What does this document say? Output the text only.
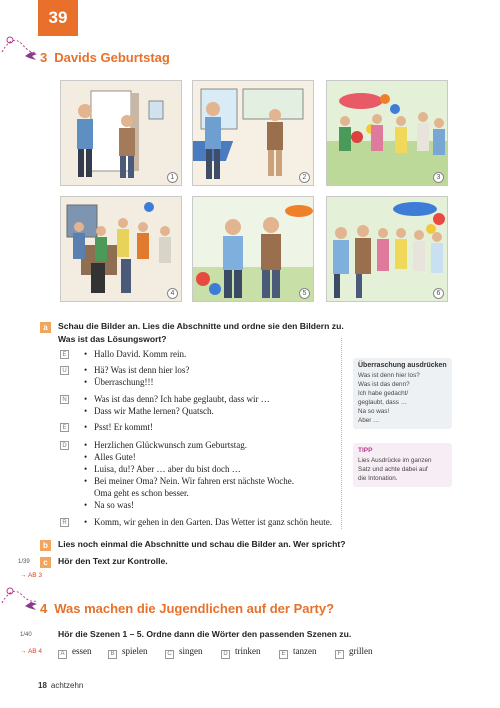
39
3 Davids Geburtstag
1	2	3
4	5	6
a	Schau die Bilder an. Lies die Abschnitte und ordne sie den Bildern zu.
Was ist das Lösungswort?
E • Hallo David. Komm rein.
U • Hä? Was ist denn hier los?
• Überraschung!!!
N • Was ist das denn? Ich habe geglaubt, dass wir …
• Dass wir Mathe lernen? Quatsch.
E • Psst! Er kommt!
D • Herzlichen Glückwunsch zum Geburtstag.
• Alles Gute!
• Luisa, du!? Aber … aber du bist doch …
• Bei meiner Oma? Nein. Wir fahren erst nächste Woche.
Oma geht es schon besser.
• Na so was!
R • Komm, wir gehen in den Garten. Das Wetter ist ganz schön heute.
Überraschung ausdrücken
Was ist denn hier los?
Was ist das denn?
Ich habe gedacht/
geglaubt, dass …
Na so was!
Aber …
TIPP
Lies Ausdrücke im ganzen
Satz und achte dabei auf
die Intonation.
b	Lies noch einmal die Abschnitte und schau die Bilder an. Wer spricht?
1/39	c	Hör den Text zur Kontrolle.
→ AB 3
4 Was machen die Jugendlichen auf der Party?
1/40	Hör die Szenen 1 – 5. Ordne dann die Wörter den passenden Szenen zu.
→ AB 4	A essen	B spielen	C singen	D trinken	E tanzen	F grillen
18 achtzehn
